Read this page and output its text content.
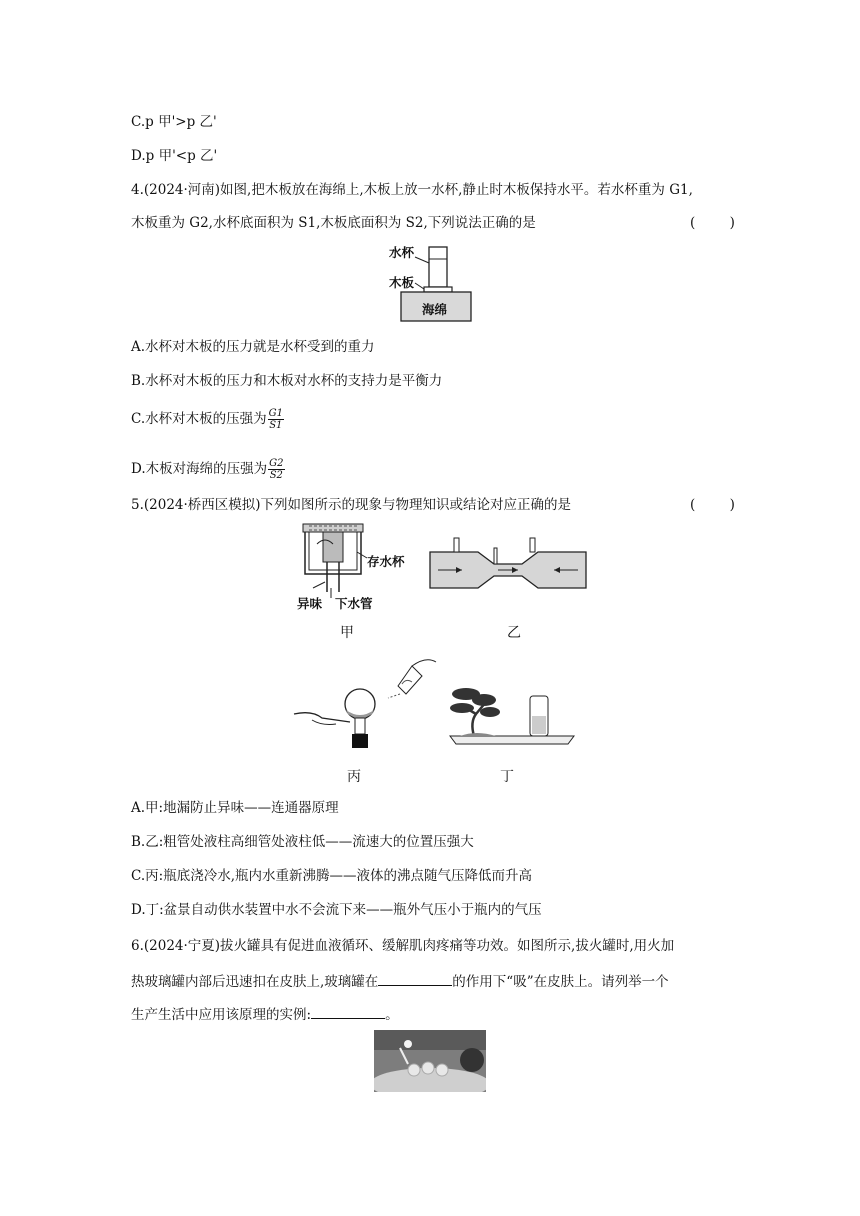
C.p 甲'>p 乙'
D.p 甲'<p 乙'
4.(2024·河南)如图,把木板放在海绵上,木板上放一水杯,静止时木板保持水平。若水杯重为 G1,
木板重为 G2,水杯底面积为 S1,木板底面积为 S2,下列说法正确的是	(        )
水杯
木板
海绵
A.水杯对木板的压力就是水杯受到的重力
B.水杯对木板的压力和木板对水杯的支持力是平衡力
C.水杯对木板的压强为 $\frac{G1}{S1}$
D.木板对海绵的压强为 $\frac{G2}{S2}$
5.(2024·桥西区模拟)下列如图所示的现象与物理知识或结论对应正确的是	(        )
存水杯
异味 下水管
甲	乙
丙	丁
A.甲:地漏防止异味——连通器原理
B.乙:粗管处液柱高细管处液柱低——流速大的位置压强大
C.丙:瓶底浇冷水,瓶内水重新沸腾——液体的沸点随气压降低而升高
D.丁:盆景自动供水装置中水不会流下来——瓶外气压小于瓶内的气压
6.(2024·宁夏)拔火罐具有促进血液循环、缓解肌肉疼痛等功效。如图所示,拔火罐时,用火加
热玻璃罐内部后迅速扣在皮肤上,玻璃罐在	的作用下“吸”在皮肤上。请列举一个
生产生活中应用该原理的实例:	。
